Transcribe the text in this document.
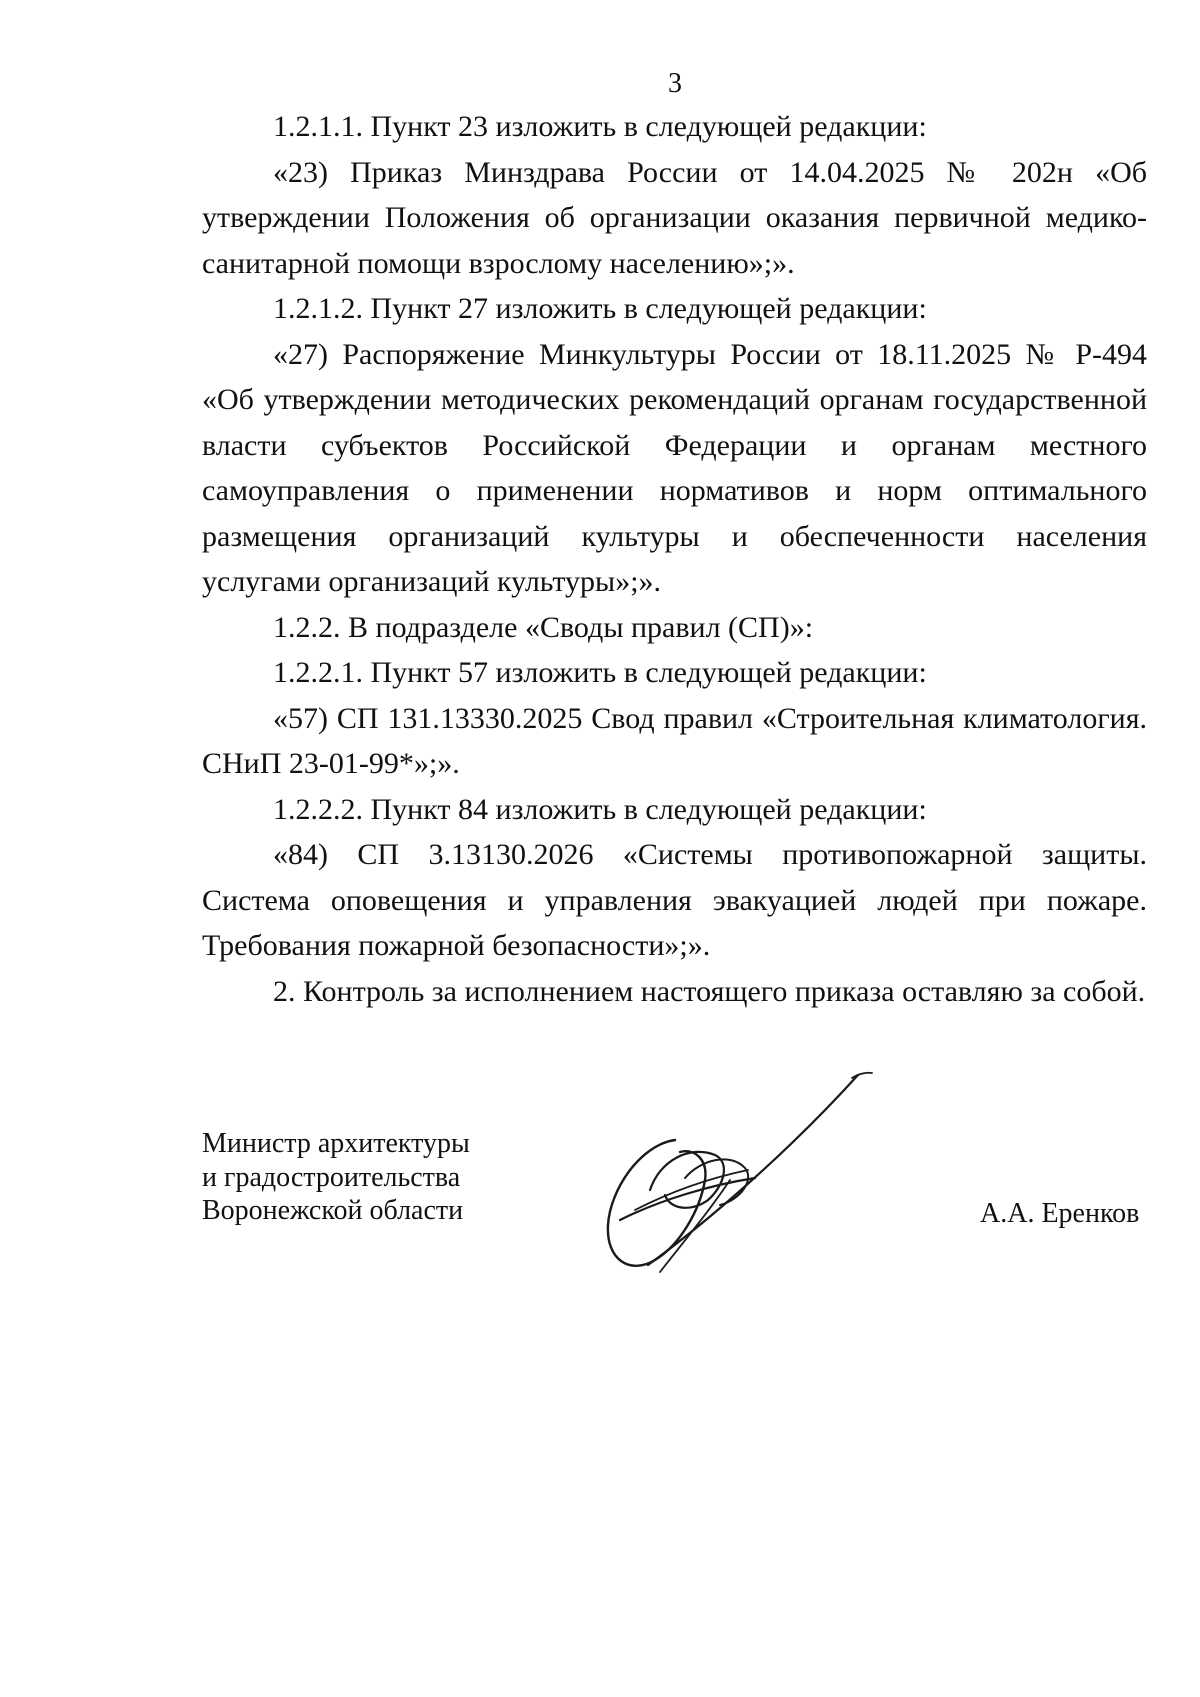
3

1.2.1.1. Пункт 23 изложить в следующей редакции:

«23) Приказ Минздрава России от 14.04.2025 № 202н «Об утверждении Положения об организации оказания первичной медико-санитарной помощи взрослому населению»;».

1.2.1.2. Пункт 27 изложить в следующей редакции:

«27) Распоряжение Минкультуры России от 18.11.2025 № Р-494 «Об утверждении методических рекомендаций органам государственной власти субъектов Российской Федерации и органам местного самоуправления о применении нормативов и норм оптимального размещения организаций культуры и обеспеченности населения услугами организаций культуры»;».

1.2.2. В подразделе «Своды правил (СП)»:

1.2.2.1. Пункт 57 изложить в следующей редакции:

«57) СП 131.13330.2025 Свод правил «Строительная климатология. СНиП 23-01-99*»;».

1.2.2.2. Пункт 84 изложить в следующей редакции:

«84) СП 3.13130.2026 «Системы противопожарной защиты. Система оповещения и управления эвакуацией людей при пожаре. Требования пожарной безопасности»;».

2. Контроль за исполнением настоящего приказа оставляю за собой.

Министр архитектуры
и градостроительства
Воронежской области	А.А. Еренков
